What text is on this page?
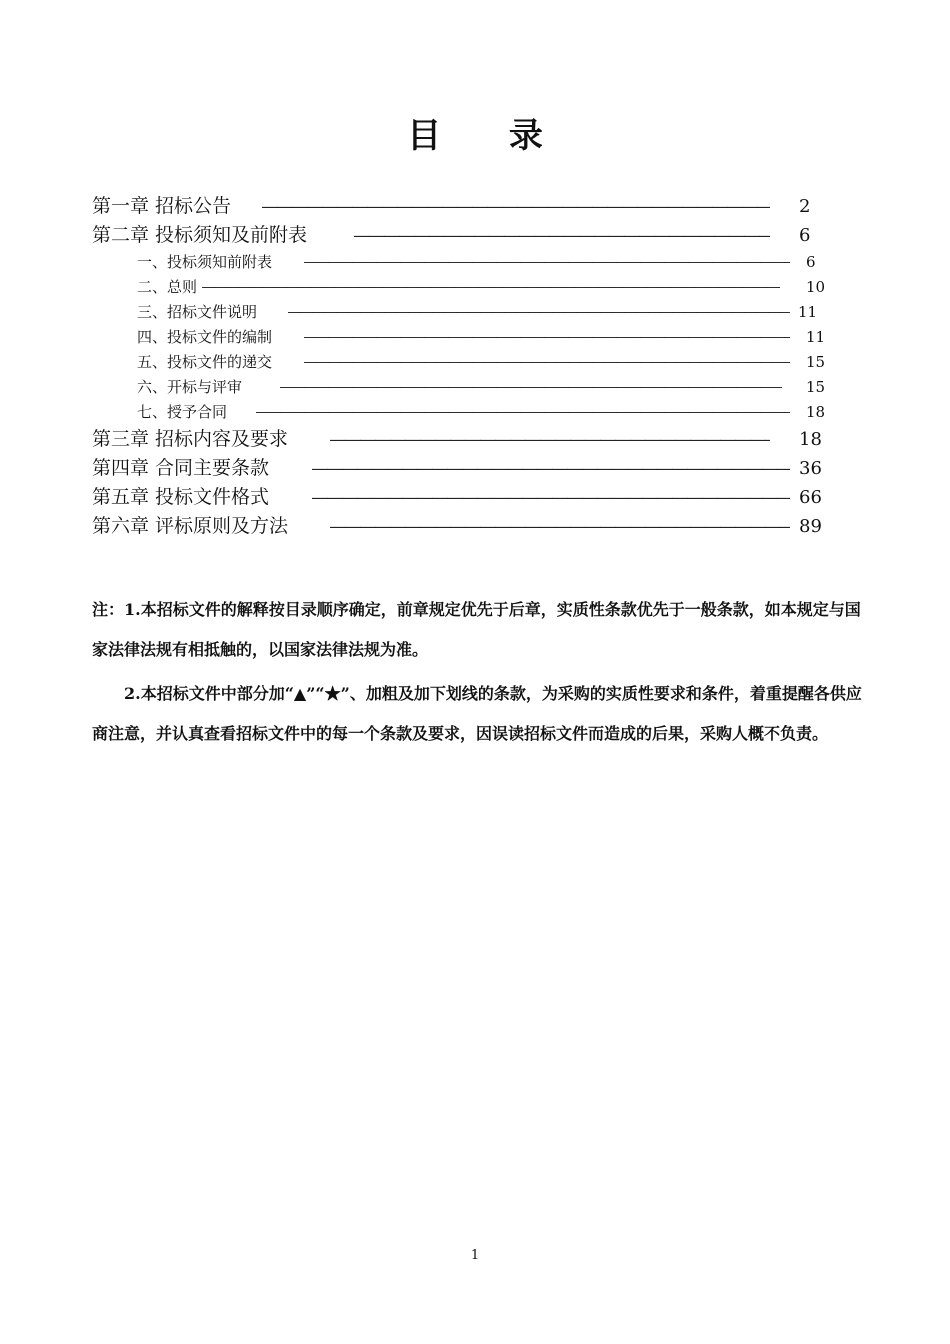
目 录
第一章 招标公告 ―――――――――――――――――――――――――――――――――――――――――――――――――――――――――――――――――――――――――――	2
第二章 投标须知及前附表 ―――――――――――――――――――――――――――――――――――――――――――――――――――――――――――――――――――――――――――	6
一、投标须知前附表 ―――――――――――――――――――――――――――――――――――――――――――――――――――――――――――――――――――――――――――	6
二、总则 ―――――――――――――――――――――――――――――――――――――――――――――――――――――――――――――――――――――――――――	10
三、招标文件说明 ―――――――――――――――――――――――――――――――――――――――――――――――――――――――――――――――――――――――――――	11
四、投标文件的编制 ―――――――――――――――――――――――――――――――――――――――――――――――――――――――――――――――――――――――――――	11
五、投标文件的递交 ―――――――――――――――――――――――――――――――――――――――――――――――――――――――――――――――――――――――――――	15
六、开标与评审 ―――――――――――――――――――――――――――――――――――――――――――――――――――――――――――――――――――――――――――	15
七、授予合同 ―――――――――――――――――――――――――――――――――――――――――――――――――――――――――――――――――――――――――――	18
第三章 招标内容及要求 ―――――――――――――――――――――――――――――――――――――――――――――――――――――――――――――――――――――――――――	18
第四章 合同主要条款 ―――――――――――――――――――――――――――――――――――――――――――――――――――――――――――――――――――――――――――	36
第五章 投标文件格式 ―――――――――――――――――――――――――――――――――――――――――――――――――――――――――――――――――――――――――――	66
第六章 评标原则及方法 ―――――――――――――――――――――――――――――――――――――――――――――――――――――――――――――――――――――――――――	89

注：1.本招标文件的解释按目录顺序确定，前章规定优先于后章，实质性条款优先于一般条款，如本规定与国家法律法规有相抵触的，以国家法律法规为准。

2.本招标文件中部分加“▲”“★”、加粗及加下划线的条款，为采购的实质性要求和条件，着重提醒各供应商注意，并认真查看招标文件中的每一个条款及要求，因误读招标文件而造成的后果，采购人概不负责。

1
